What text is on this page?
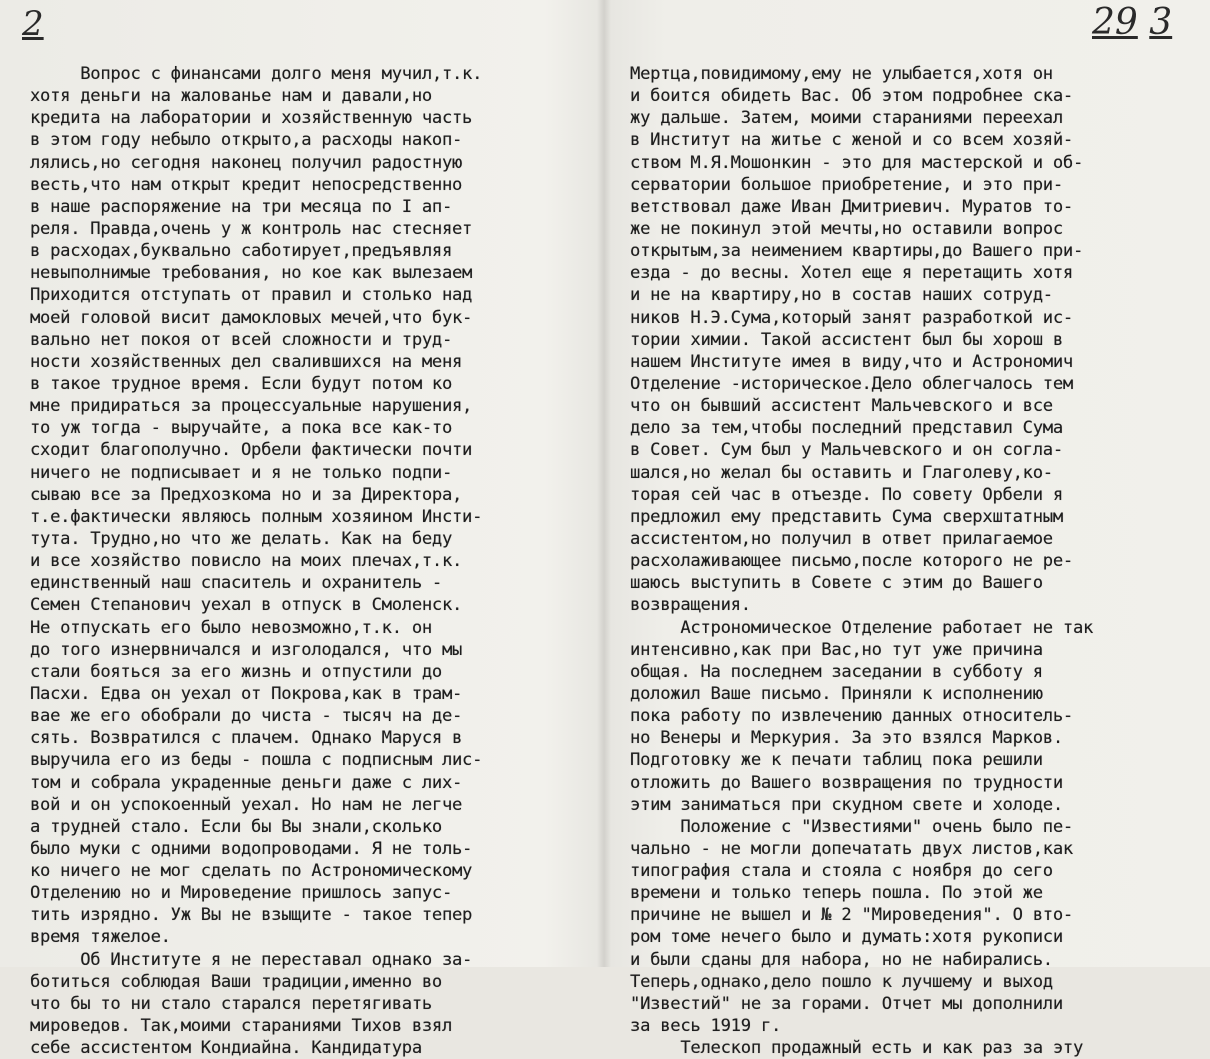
2	29 3
Вопрос с финансами долго меня мучил,т.к.
хотя деньги на жалованье нам и давали,но
кредита на лаборатории и хозяйственную часть
в этом году небыло открыто,а расходы накоп-
лялись,но сегодня наконец получил радостную
весть,что нам открыт кредит непосредственно
в наше распоряжение на три месяца по I ап-
реля. Правда,очень у ж контроль нас стесняет
в расходах,буквально саботирует,предъявляя
невыполнимые требования, но кое как вылезаем
Приходится отступать от правил и столько над
моей головой висит дамокловых мечей,что бук-
вально нет покоя от всей сложности и труд-
ности хозяйственных дел свалившихся на меня
в такое трудное время. Если будут потом ко
мне придираться за процессуальные нарушения,
то уж тогда - выручайте, а пока все как-то
сходит благополучно. Орбели фактически почти
ничего не подписывает и я не только подпи-
сываю все за Предхозкома но и за Директора,
т.е.фактически являюсь полным хозяином Инсти-
тута. Трудно,но что же делать. Как на беду
и все хозяйство повисло на моих плечах,т.к.
единственный наш спаситель и охранитель -
Семен Степанович уехал в отпуск в Смоленск.
Не отпускать его было невозможно,т.к. он
до того изнервничался и изголодался, что мы
стали бояться за его жизнь и отпустили до
Пасхи. Едва он уехал от Покрова,как в трам-
вае же его обобрали до чиста - тысяч на де-
сять. Возвратился с плачем. Однако Маруся в
выручила его из беды - пошла с подписным лис-
том и собрала украденные деньги даже с лих-
вой и он успокоенный уехал. Но нам не легче
а трудней стало. Если бы Вы знали,сколько
было муки с одними водопроводами. Я не толь-
ко ничего не мог сделать по Астрономическому
Отделению но и Мироведение пришлось запус-
тить изрядно. Уж Вы не взыщите - такое тепер
время тяжелое.
Об Институте я не переставал однако за-
ботиться соблюдая Ваши традиции,именно во
что бы то ни стало старался перетягивать
мироведов. Так,моими стараниями Тихов взял
себе ассистентом Кондиайна. Кандидатура
Мертца,повидимому,ему не улыбается,хотя он
и боится обидеть Вас. Об этом подробнее ска-
жу дальше. Затем, моими стараниями переехал
в Институт на житье с женой и со всем хозяй-
ством М.Я.Мошонкин - это для мастерской и об-
серватории большое приобретение, и это при-
ветствовал даже Иван Дмитриевич. Муратов то-
же не покинул этой мечты,но оставили вопрос
открытым,за неимением квартиры,до Вашего при-
езда - до весны. Хотел еще я перетащить хотя
и не на квартиру,но в состав наших сотруд-
ников Н.Э.Сума,который занят разработкой ис-
тории химии. Такой ассистент был бы хорош в
нашем Институте имея в виду,что и Астрономич
Отделение -историческое.Дело облегчалось тем
что он бывший ассистент Мальчевского и все
дело за тем,чтобы последний представил Сума
в Совет. Сум был у Мальчевского и он согла-
шался,но желал бы оставить и Глаголеву,ко-
торая сей час в отъезде. По совету Орбели я
предложил ему представить Сума сверхштатным
ассистентом,но получил в ответ прилагаемое
расхолаживающее письмо,после которого не ре-
шаюсь выступить в Совете с этим до Вашего
возвращения.
Астрономическое Отделение работает не так
интенсивно,как при Вас,но тут уже причина
общая. На последнем заседании в субботу я
доложил Ваше письмо. Приняли к исполнению
пока работу по извлечению данных относитель-
но Венеры и Меркурия. За это взялся Марков.
Подготовку же к печати таблиц пока решили
отложить до Вашего возвращения по трудности
этим заниматься при скудном свете и холоде.
Положение с "Известиями" очень было пе-
чально - не могли допечатать двух листов,как
типография стала и стояла с ноября до сего
времени и только теперь пошла. По этой же
причине не вышел и № 2 "Мироведения". О вто-
ром томе нечего было и думать:хотя рукописи
и были сданы для набора, но не набирались.
Теперь,однако,дело пошло к лучшему и выход
"Известий" не за горами. Отчет мы дополнили
за весь 1919 г.
Телескоп продажный есть и как раз за эту
